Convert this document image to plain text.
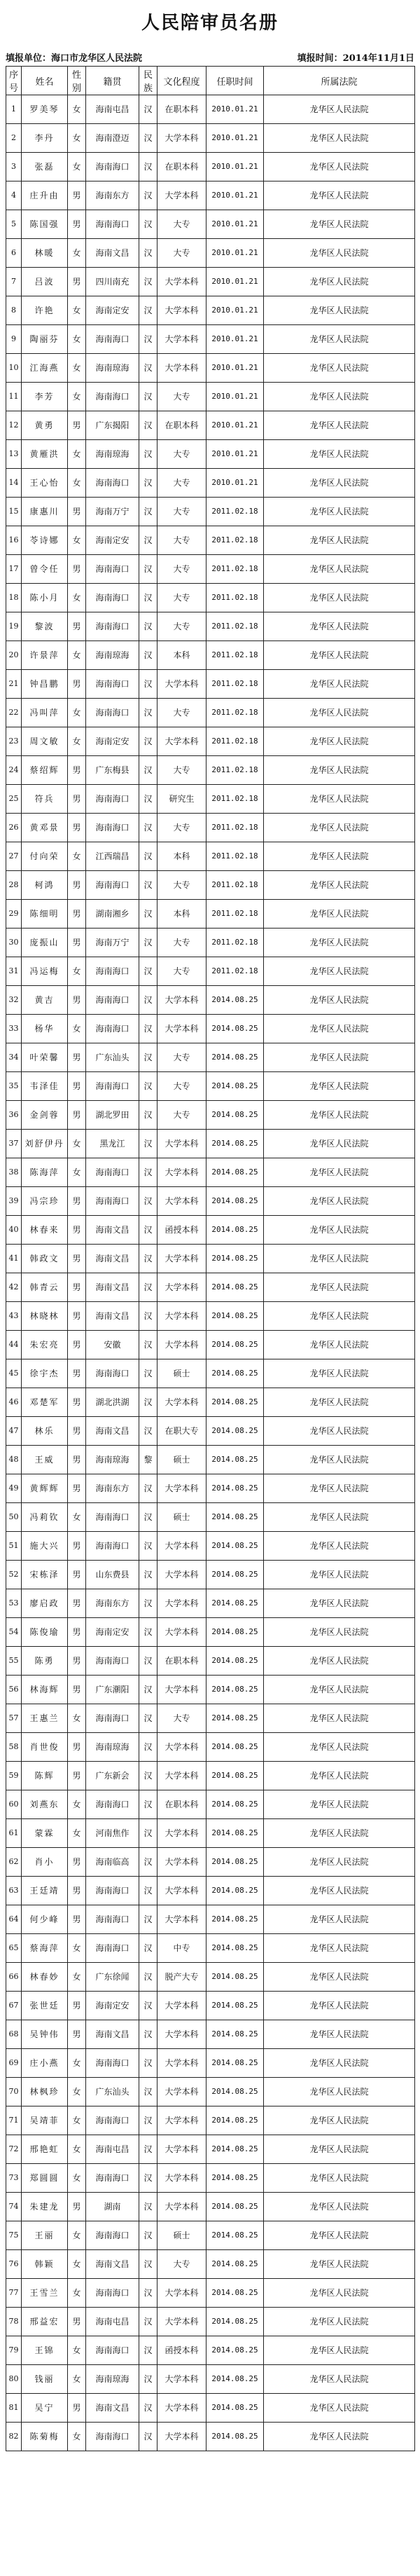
人民陪审员名册
填报单位：海口市龙华区人民法院	填报时间：2014年11月1日
序号	姓名	性别	籍贯	民族	文化程度	任职时间	所属法院
1	罗美琴	女	海南屯昌	汉	在职本科	2010.01.21	龙华区人民法院
2	李丹	女	海南澄迈	汉	大学本科	2010.01.21	龙华区人民法院
3	张磊	女	海南海口	汉	在职本科	2010.01.21	龙华区人民法院
4	庄升由	男	海南东方	汉	大学本科	2010.01.21	龙华区人民法院
5	陈国强	男	海南海口	汉	大专	2010.01.21	龙华区人民法院
6	林暖	女	海南文昌	汉	大专	2010.01.21	龙华区人民法院
7	吕波	男	四川南充	汉	大学本科	2010.01.21	龙华区人民法院
8	许艳	女	海南定安	汉	大学本科	2010.01.21	龙华区人民法院
9	陶丽芬	女	海南海口	汉	大学本科	2010.01.21	龙华区人民法院
10	江海燕	女	海南琼海	汉	大学本科	2010.01.21	龙华区人民法院
11	李芳	女	海南海口	汉	大专	2010.01.21	龙华区人民法院
12	黄勇	男	广东揭阳	汉	在职本科	2010.01.21	龙华区人民法院
13	黄雁洪	女	海南琼海	汉	大专	2010.01.21	龙华区人民法院
14	王心怡	女	海南海口	汉	大专	2010.01.21	龙华区人民法院
15	康惠川	男	海南万宁	汉	大专	2011.02.18	龙华区人民法院
16	苓诗娜	女	海南定安	汉	大专	2011.02.18	龙华区人民法院
17	曾令任	男	海南海口	汉	大专	2011.02.18	龙华区人民法院
18	陈小月	女	海南海口	汉	大专	2011.02.18	龙华区人民法院
19	黎波	男	海南海口	汉	大专	2011.02.18	龙华区人民法院
20	许景萍	女	海南琼海	汉	本科	2011.02.18	龙华区人民法院
21	钟昌鹏	男	海南海口	汉	大学本科	2011.02.18	龙华区人民法院
22	冯叫萍	女	海南海口	汉	大专	2011.02.18	龙华区人民法院
23	周文敏	女	海南定安	汉	大学本科	2011.02.18	龙华区人民法院
24	蔡绍辉	男	广东梅县	汉	大专	2011.02.18	龙华区人民法院
25	符兵	男	海南海口	汉	研究生	2011.02.18	龙华区人民法院
26	黄邓景	男	海南海口	汉	大专	2011.02.18	龙华区人民法院
27	付向荣	女	江西瑞昌	汉	本科	2011.02.18	龙华区人民法院
28	柯鸿	男	海南海口	汉	大专	2011.02.18	龙华区人民法院
29	陈细明	男	湖南湘乡	汉	本科	2011.02.18	龙华区人民法院
30	庞振山	男	海南万宁	汉	大专	2011.02.18	龙华区人民法院
31	冯运梅	女	海南海口	汉	大专	2011.02.18	龙华区人民法院
32	黄吉	男	海南海口	汉	大学本科	2014.08.25	龙华区人民法院
33	杨华	女	海南海口	汉	大学本科	2014.08.25	龙华区人民法院
34	叶荣馨	男	广东汕头	汉	大专	2014.08.25	龙华区人民法院
35	韦泽佳	男	海南海口	汉	大专	2014.08.25	龙华区人民法院
36	金剑蓉	男	湖北罗田	汉	大专	2014.08.25	龙华区人民法院
37	刘舒伊丹	女	黑龙江	汉	大学本科	2014.08.25	龙华区人民法院
38	陈海萍	女	海南海口	汉	大学本科	2014.08.25	龙华区人民法院
39	冯宗珍	男	海南海口	汉	大学本科	2014.08.25	龙华区人民法院
40	林春来	男	海南文昌	汉	函授本科	2014.08.25	龙华区人民法院
41	韩政文	男	海南文昌	汉	大学本科	2014.08.25	龙华区人民法院
42	韩青云	男	海南文昌	汉	大学本科	2014.08.25	龙华区人民法院
43	林晓林	男	海南文昌	汉	大学本科	2014.08.25	龙华区人民法院
44	朱宏亮	男	安徽	汉	大学本科	2014.08.25	龙华区人民法院
45	徐宇杰	男	海南海口	汉	硕士	2014.08.25	龙华区人民法院
46	邓楚军	男	湖北洪湖	汉	大学本科	2014.08.25	龙华区人民法院
47	林乐	男	海南文昌	汉	在职大专	2014.08.25	龙华区人民法院
48	王威	男	海南琼海	黎	硕士	2014.08.25	龙华区人民法院
49	黄辉辉	男	海南东方	汉	大学本科	2014.08.25	龙华区人民法院
50	冯莉钦	女	海南海口	汉	硕士	2014.08.25	龙华区人民法院
51	施大兴	男	海南海口	汉	大学本科	2014.08.25	龙华区人民法院
52	宋栋泽	男	山东费县	汉	大学本科	2014.08.25	龙华区人民法院
53	廖启政	男	海南东方	汉	大学本科	2014.08.25	龙华区人民法院
54	陈俊瑜	男	海南定安	汉	大学本科	2014.08.25	龙华区人民法院
55	陈勇	男	海南海口	汉	在职本科	2014.08.25	龙华区人民法院
56	林海辉	男	广东潮阳	汉	大学本科	2014.08.25	龙华区人民法院
57	王惠兰	女	海南海口	汉	大专	2014.08.25	龙华区人民法院
58	肖世俊	男	海南琼海	汉	大学本科	2014.08.25	龙华区人民法院
59	陈辉	男	广东新会	汉	大学本科	2014.08.25	龙华区人民法院
60	刘燕东	女	海南海口	汉	在职本科	2014.08.25	龙华区人民法院
61	蒙霖	女	河南焦作	汉	大学本科	2014.08.25	龙华区人民法院
62	肖小	男	海南临高	汉	大学本科	2014.08.25	龙华区人民法院
63	王廷靖	男	海南海口	汉	大学本科	2014.08.25	龙华区人民法院
64	何少峰	男	海南海口	汉	大学本科	2014.08.25	龙华区人民法院
65	蔡海萍	女	海南海口	汉	中专	2014.08.25	龙华区人民法院
66	林春妙	女	广东徐闻	汉	脱产大专	2014.08.25	龙华区人民法院
67	张世廷	男	海南定安	汉	大学本科	2014.08.25	龙华区人民法院
68	吴钟伟	男	海南文昌	汉	大学本科	2014.08.25	龙华区人民法院
69	庄小燕	女	海南海口	汉	大学本科	2014.08.25	龙华区人民法院
70	林枫珍	女	广东汕头	汉	大学本科	2014.08.25	龙华区人民法院
71	吴靖菲	女	海南海口	汉	大学本科	2014.08.25	龙华区人民法院
72	邢艳虹	女	海南屯昌	汉	大学本科	2014.08.25	龙华区人民法院
73	郑圆圆	女	海南海口	汉	大学本科	2014.08.25	龙华区人民法院
74	朱建龙	男	湖南	汉	大学本科	2014.08.25	龙华区人民法院
75	王丽	女	海南海口	汉	硕士	2014.08.25	龙华区人民法院
76	韩颖	女	海南文昌	汉	大专	2014.08.25	龙华区人民法院
77	王雪兰	女	海南海口	汉	大学本科	2014.08.25	龙华区人民法院
78	邢益宏	男	海南屯昌	汉	大学本科	2014.08.25	龙华区人民法院
79	王锦	女	海南海口	汉	函授本科	2014.08.25	龙华区人民法院
80	钱丽	女	海南琼海	汉	大学本科	2014.08.25	龙华区人民法院
81	吴宁	男	海南文昌	汉	大学本科	2014.08.25	龙华区人民法院
82	陈菊梅	女	海南海口	汉	大学本科	2014.08.25	龙华区人民法院
